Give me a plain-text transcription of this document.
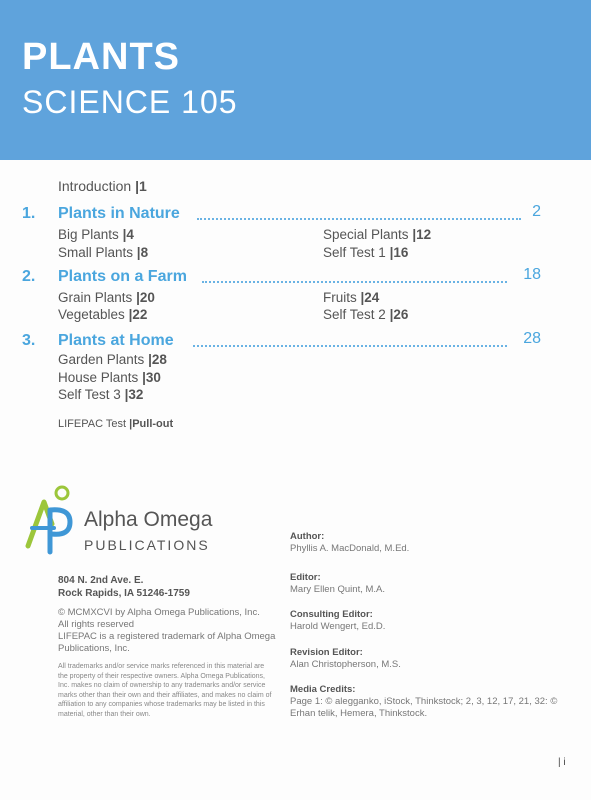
PLANTS
SCIENCE 105
Introduction |1
1. Plants in Nature	2
Big Plants |4
Small Plants |8
Special Plants |12
Self Test 1 |16
2. Plants on a Farm	18
Grain Plants |20
Vegetables |22
Fruits |24
Self Test 2 |26
3. Plants at Home	28
Garden Plants |28
House Plants |30
Self Test 3 |32
LIFEPAC Test |Pull-out
Alpha Omega
PUBLICATIONS
804 N. 2nd Ave. E.
Rock Rapids, IA 51246-1759
© MCMXCVI by Alpha Omega Publications, Inc.
All rights reserved
LIFEPAC is a registered trademark of Alpha Omega Publications, Inc.
All trademarks and/or service marks referenced in this material are the property of their respective owners. Alpha Omega Publications, Inc. makes no claim of ownership to any trademarks and/or service marks other than their own and their affiliates, and makes no claim of affiliation to any companies whose trademarks may be listed in this material, other than their own.
Author:
Phyllis A. MacDonald, M.Ed.
Editor:
Mary Ellen Quint, M.A.
Consulting Editor:
Harold Wengert, Ed.D.
Revision Editor:
Alan Christopherson, M.S.
Media Credits:
Page 1: © alegganko, iStock, Thinkstock; 2, 3, 12, 17, 21, 32: © Erhan telik, Hemera, Thinkstock.
| i
